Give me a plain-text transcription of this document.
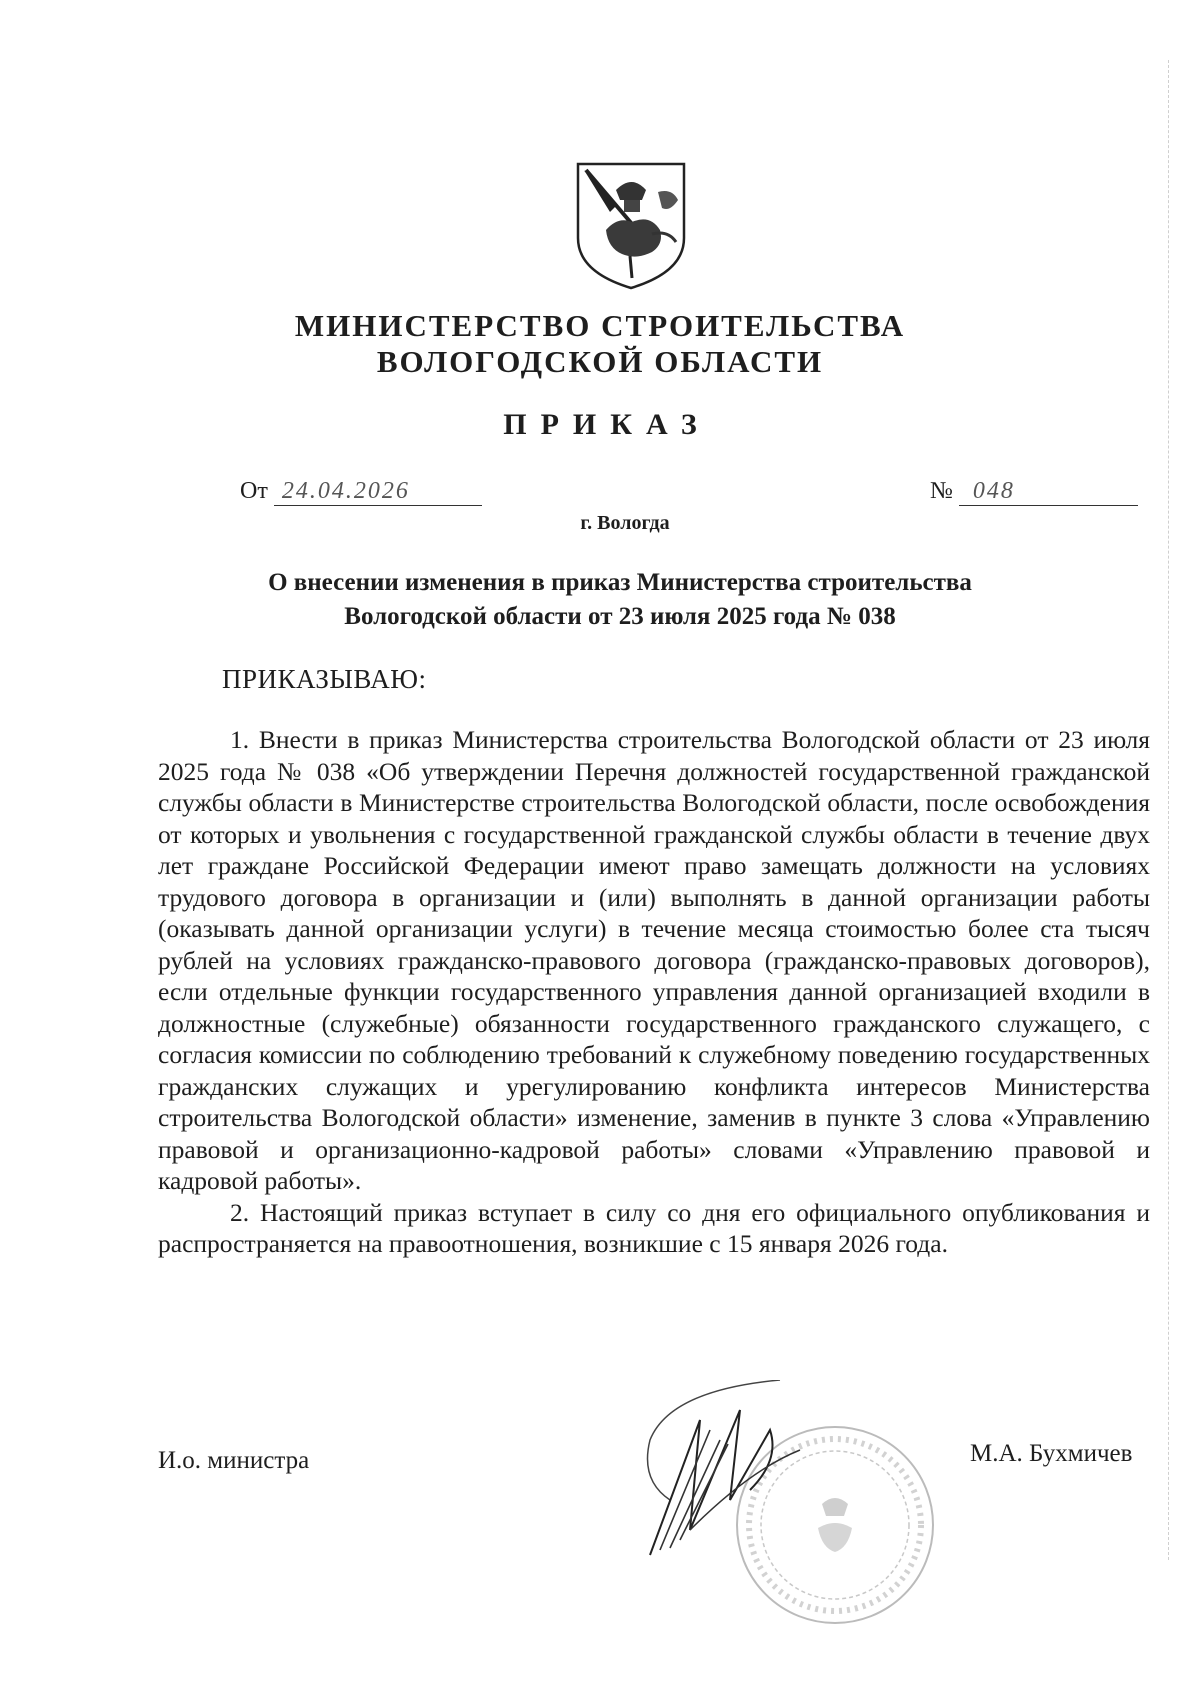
МИНИСТЕРСТВО СТРОИТЕЛЬСТВА
ВОЛОГОДСКОЙ ОБЛАСТИ
ПРИКАЗ
От 24.04.2026	№ 048
г. Вологда
О внесении изменения в приказ Министерства строительства
Вологодской области от 23 июля 2025 года № 038
ПРИКАЗЫВАЮ:

1. Внести в приказ Министерства строительства Вологодской области от 23 июля 2025 года № 038 «Об утверждении Перечня должностей государственной гражданской службы области в Министерстве строительства Вологодской области, после освобождения от которых и увольнения с государственной гражданской службы области в течение двух лет граждане Российской Федерации имеют право замещать должности на условиях трудового договора в организации и (или) выполнять в данной организации работы (оказывать данной организации услуги) в течение месяца стоимостью более ста тысяч рублей на условиях гражданско-правового договора (гражданско-правовых договоров), если отдельные функции государственного управления данной организацией входили в должностные (служебные) обязанности государственного гражданского служащего, с согласия комиссии по соблюдению требований к служебному поведению государственных гражданских служащих и урегулированию конфликта интересов Министерства строительства Вологодской области» изменение, заменив в пункте 3 слова «Управлению правовой и организационно-кадровой работы» словами «Управлению правовой и кадровой работы».

2. Настоящий приказ вступает в силу со дня его официального опубликования и распространяется на правоотношения, возникшие с 15 января 2026 года.

И.о. министра	М.А. Бухмичев
